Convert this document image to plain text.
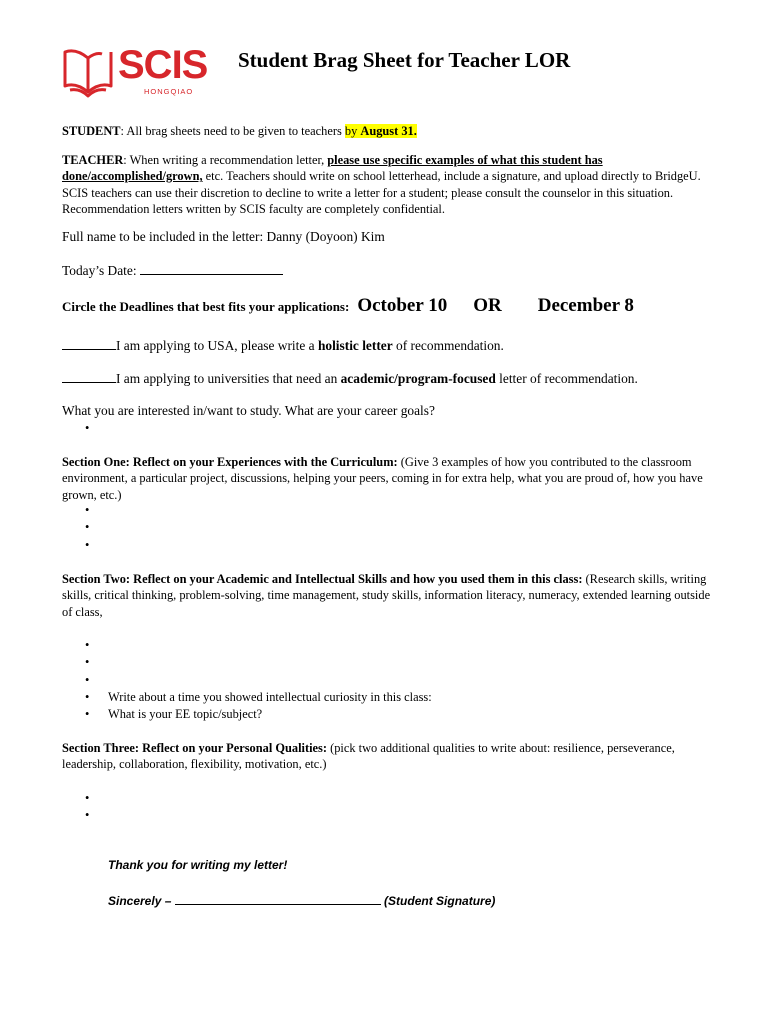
SCIS
HONGQIAO
Student Brag Sheet for Teacher LOR
STUDENT: All brag sheets need to be given to teachers by August 31.
TEACHER: When writing a recommendation letter, please use specific examples of what this student has done/accomplished/grown, etc. Teachers should write on school letterhead, include a signature, and upload directly to BridgeU. SCIS teachers can use their discretion to decline to write a letter for a student; please consult the counselor in this situation. Recommendation letters written by SCIS faculty are completely confidential.
Full name to be included in the letter: Danny (Doyoon) Kim
Today’s Date:
Circle the Deadlines that best fits your applications: October 10 OR December 8
I am applying to USA, please write a holistic letter of recommendation.
I am applying to universities that need an academic/program-focused letter of recommendation.
What you are interested in/want to study. What are your career goals?
•
Section One: Reflect on your Experiences with the Curriculum: (Give 3 examples of how you contributed to the classroom environment, a particular project, discussions, helping your peers, coming in for extra help, what you are proud of, how you have grown, etc.)
•
•
•
Section Two: Reflect on your Academic and Intellectual Skills and how you used them in this class: (Research skills, writing skills, critical thinking, problem-solving, time management, study skills, information literacy, numeracy, extended learning outside of class,
•
•
•
• Write about a time you showed intellectual curiosity in this class:
• What is your EE topic/subject?
Section Three: Reflect on your Personal Qualities: (pick two additional qualities to write about: resilience, perseverance, leadership, collaboration, flexibility, motivation, etc.)
•
•
Thank you for writing my letter!
Sincerely –	(Student Signature)
